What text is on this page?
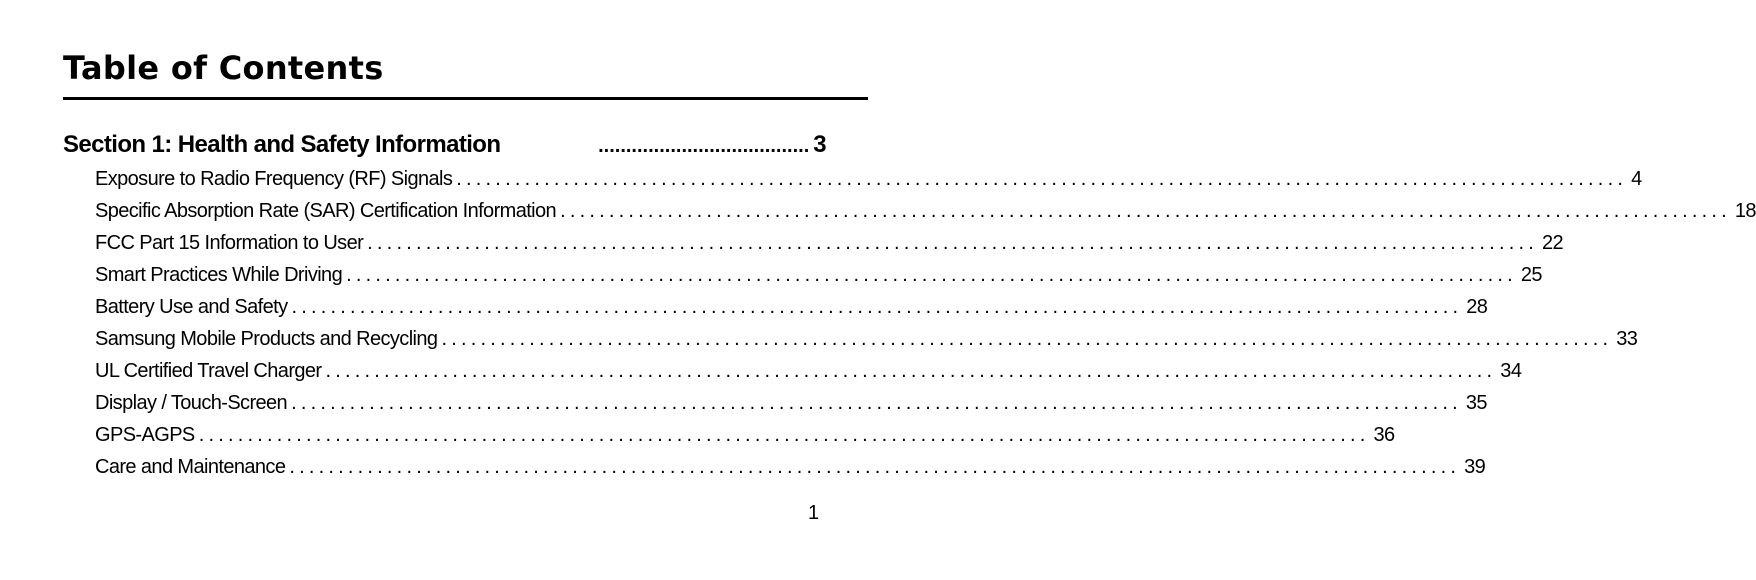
Table of Contents
Section 1: Health and Safety Information	...................................... 3
Exposure to Radio Frequency (RF) Signals ........................................................................................................................ 4
Specific Absorption Rate (SAR) Certification Information ........................................................................................................................ 18
FCC Part 15 Information to User ........................................................................................................................ 22
Smart Practices While Driving ........................................................................................................................ 25
Battery Use and Safety ........................................................................................................................ 28
Samsung Mobile Products and Recycling ........................................................................................................................ 33
UL Certified Travel Charger ........................................................................................................................ 34
Display / Touch-Screen ........................................................................................................................ 35
GPS-AGPS ........................................................................................................................ 36
Care and Maintenance ........................................................................................................................ 39
1
